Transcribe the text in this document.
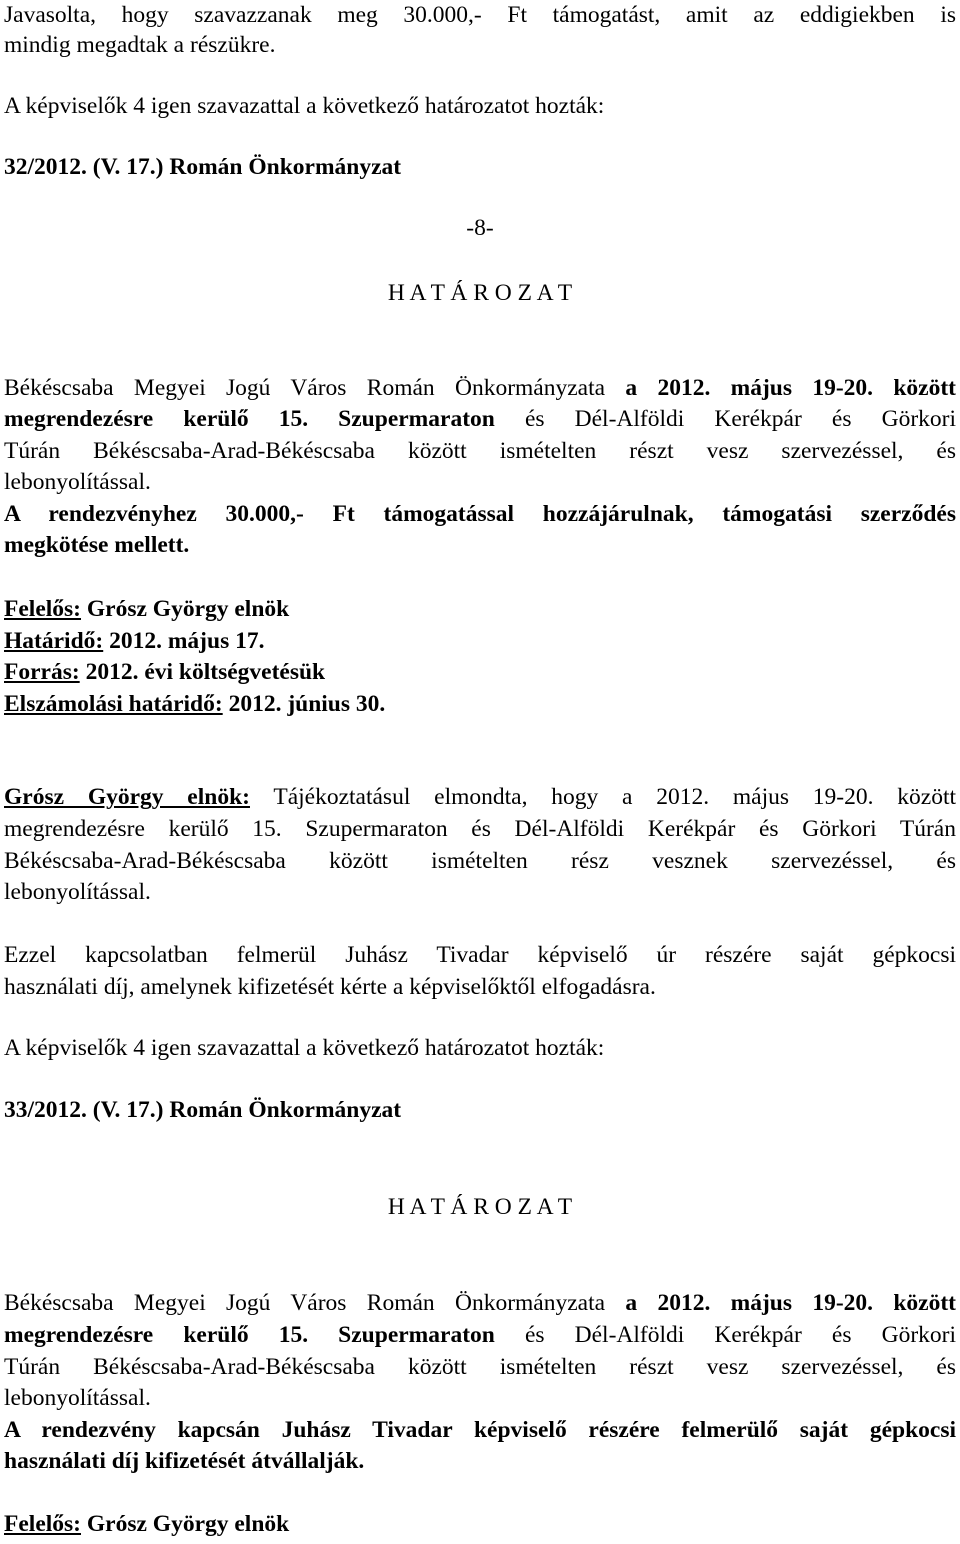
Javasolta, hogy szavazzanak meg 30.000,- Ft támogatást, amit az eddigiekben is
mindig megadtak a részükre.
A képviselők 4 igen szavazattal a következő határozatot hozták:
32/2012. (V. 17.) Román Önkormányzat
-8-
H A T Á R O Z A T
Békéscsaba Megyei Jogú Város Román Önkormányzata a 2012. május 19-20. között
megrendezésre kerülő 15. Szupermaraton és Dél-Alföldi Kerékpár és Görkori
Túrán Békéscsaba-Arad-Békéscsaba között ismételten részt vesz szervezéssel, és
lebonyolítással.
A rendezvényhez 30.000,- Ft támogatással hozzájárulnak, támogatási szerződés
megkötése mellett.
Felelős: Grósz György elnök
Határidő: 2012. május 17.
Forrás: 2012. évi költségvetésük
Elszámolási határidő: 2012. június 30.
Grósz György elnök: Tájékoztatásul elmondta, hogy a 2012. május 19-20. között
megrendezésre kerülő 15. Szupermaraton és Dél-Alföldi Kerékpár és Görkori Túrán
Békéscsaba-Arad-Békéscsaba között ismételten rész vesznek szervezéssel, és
lebonyolítással.
Ezzel kapcsolatban felmerül Juhász Tivadar képviselő úr részére saját gépkocsi
használati díj, amelynek kifizetését kérte a képviselőktől elfogadásra.
A képviselők 4 igen szavazattal a következő határozatot hozták:
33/2012. (V. 17.) Román Önkormányzat
H A T Á R O Z A T
Békéscsaba Megyei Jogú Város Román Önkormányzata a 2012. május 19-20. között
megrendezésre kerülő 15. Szupermaraton és Dél-Alföldi Kerékpár és Görkori
Túrán Békéscsaba-Arad-Békéscsaba között ismételten részt vesz szervezéssel, és
lebonyolítással.
A rendezvény kapcsán Juhász Tivadar képviselő részére felmerülő saját gépkocsi
használati díj kifizetését átvállalják.
Felelős: Grósz György elnök
